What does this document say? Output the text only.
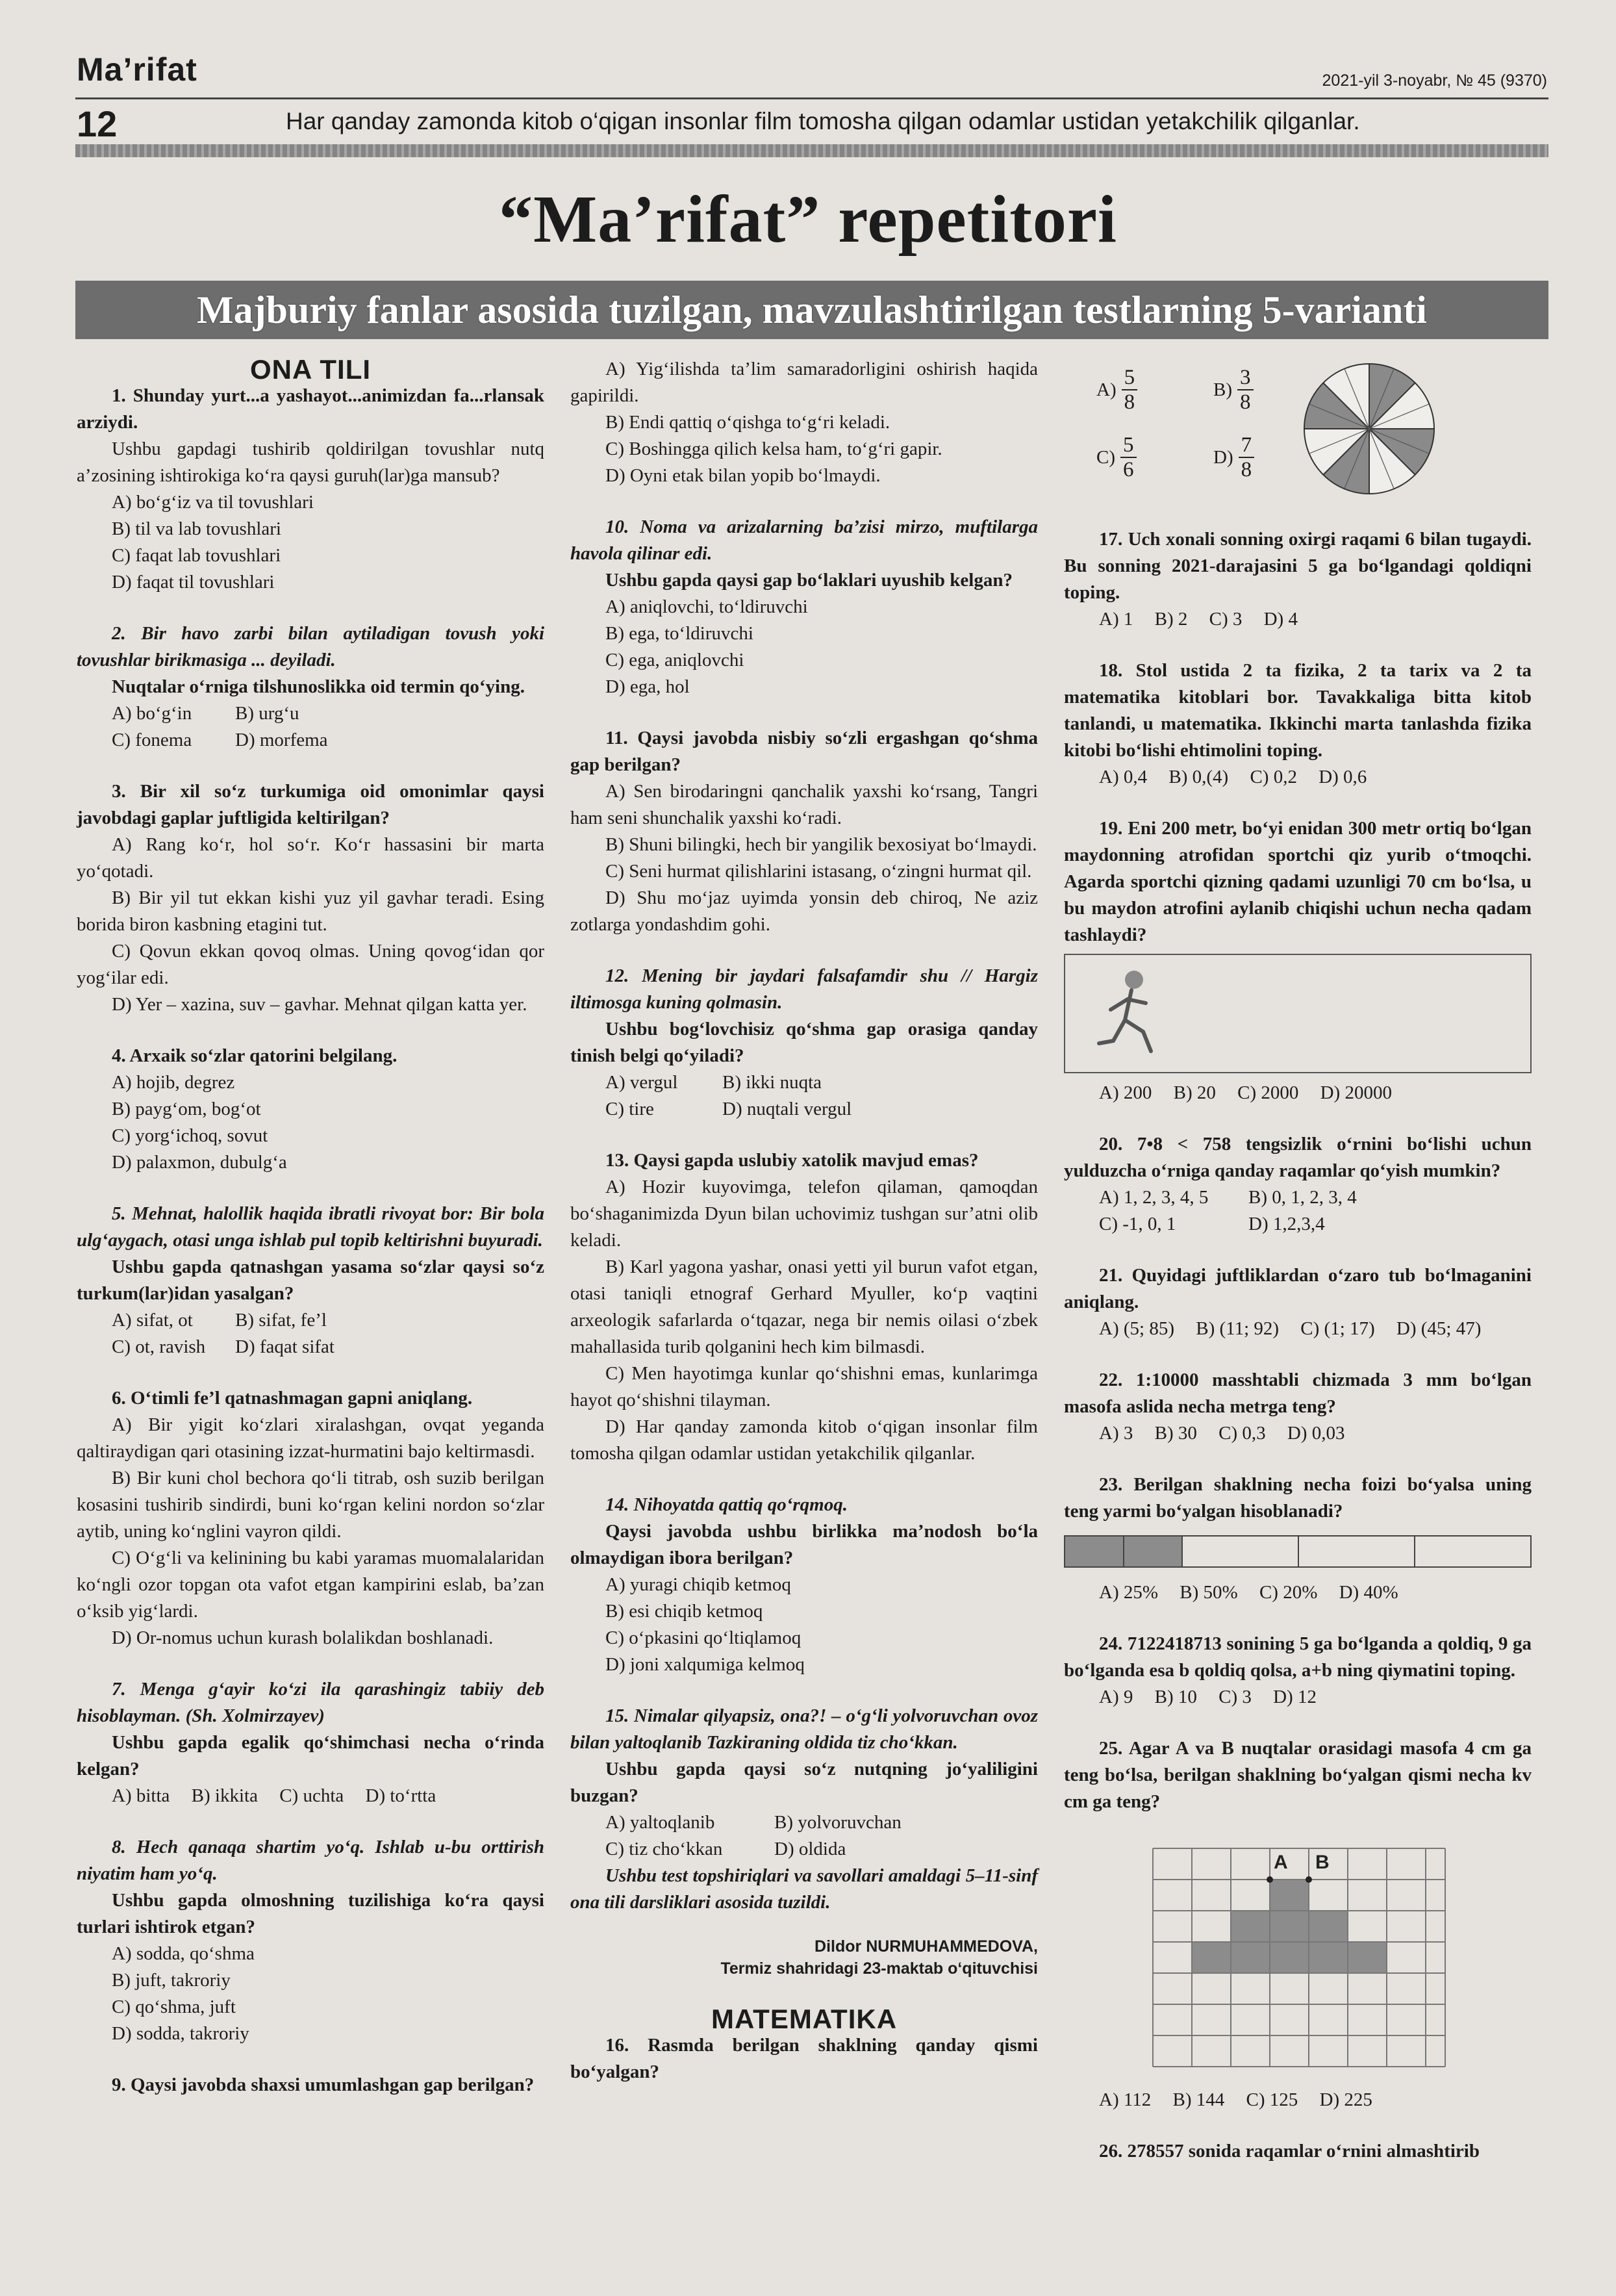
Ma’rifat	2021-yil 3-noyabr, № 45 (9370)
12	Har qanday zamonda kitob o‘qigan insonlar film tomosha qilgan odamlar ustidan yetakchilik qilganlar.
“Ma’rifat” repetitori
Majburiy fanlar asosida tuzilgan, mavzulashtirilgan testlarning 5-varianti

ONA TILI

1. Shunday yurt...a yashayot...animizdan fa...rlansak arziydi.

Ushbu gapdagi tushirib qoldirilgan tovushlar nutq a’zosining ishtirokiga ko‘ra qaysi guruh(lar)ga mansub?

A) bo‘g‘iz va til tovushlari

B) til va lab tovushlari

C) faqat lab tovushlari

D) faqat til tovushlari

2. Bir havo zarbi bilan aytiladigan tovush yoki tovushlar birikmasiga ... deyiladi.

Nuqtalar o‘rniga tilshunoslikka oid termin qo‘ying.

A) bo‘g‘in	B) urg‘u
C) fonema	D) morfema

3. Bir xil so‘z turkumiga oid omonimlar qaysi javobdagi gaplar juftligida keltirilgan?

A) Rang ko‘r, hol so‘r. Ko‘r hassasini bir marta yo‘qotadi.

B) Bir yil tut ekkan kishi yuz yil gavhar teradi. Esing borida biron kasbning etagini tut.

C) Qovun ekkan qovoq olmas. Uning qovog‘idan qor yog‘ilar edi.

D) Yer – xazina, suv – gavhar. Mehnat qilgan katta yer.

4. Arxaik so‘zlar qatorini belgilang.

A) hojib, degrez

B) payg‘om, bog‘ot

C) yorg‘ichoq, sovut

D) palaxmon, dubulg‘a

5. Mehnat, halollik haqida ibratli rivoyat bor: Bir bola ulg‘aygach, otasi unga ishlab pul topib keltirishni buyuradi.

Ushbu gapda qatnashgan yasama so‘zlar qaysi so‘z turkum(lar)idan yasalgan?

A) sifat, ot	B) sifat, fe’l
C) ot, ravish	D) faqat sifat

6. O‘timli fe’l qatnashmagan gapni aniqlang.

A) Bir yigit ko‘zlari xiralashgan, ovqat yeganda qaltiraydigan qari otasining izzat-hurmatini bajo keltirmasdi.

B) Bir kuni chol bechora qo‘li titrab, osh suzib berilgan kosasini tushirib sindirdi, buni ko‘rgan kelini nordon so‘zlar aytib, uning ko‘nglini vayron qildi.

C) O‘g‘li va kelinining bu kabi yaramas muomalalaridan ko‘ngli ozor topgan ota vafot etgan kampirini eslab, ba’zan o‘ksib yig‘lardi.

D) Or-nomus uchun kurash bolalikdan boshlanadi.

7. Menga g‘ayir ko‘zi ila qarashingiz tabiiy deb hisoblayman. (Sh. Xolmirzayev)

Ushbu gapda egalik qo‘shimchasi necha o‘rinda kelgan?

A) bitta B) ikkita C) uchta D) to‘rtta

8. Hech qanaqa shartim yo‘q. Ishlab u-bu orttirish niyatim ham yo‘q.

Ushbu gapda olmoshning tuzilishiga ko‘ra qaysi turlari ishtirok etgan?

A) sodda, qo‘shma

B) juft, takroriy

C) qo‘shma, juft

D) sodda, takroriy

9. Qaysi javobda shaxsi umumlashgan gap berilgan?

A) Yig‘ilishda ta’lim samaradorligini oshirish haqida gapirildi.

B) Endi qattiq o‘qishga to‘g‘ri keladi.

C) Boshingga qilich kelsa ham, to‘g‘ri gapir.

D) Oyni etak bilan yopib bo‘lmaydi.

10. Noma va arizalarning ba’zisi mirzo, muftilarga havola qilinar edi.

Ushbu gapda qaysi gap bo‘laklari uyushib kelgan?

A) aniqlovchi, to‘ldiruvchi

B) ega, to‘ldiruvchi

C) ega, aniqlovchi

D) ega, hol

11. Qaysi javobda nisbiy so‘zli ergashgan qo‘shma gap berilgan?

A) Sen birodaringni qanchalik yaxshi ko‘rsang, Tangri ham seni shunchalik yaxshi ko‘radi.

B) Shuni bilingki, hech bir yangilik bexosiyat bo‘lmaydi.

C) Seni hurmat qilishlarini istasang, o‘zingni hurmat qil.

D) Shu mo‘jaz uyimda yonsin deb chiroq, Ne aziz zotlarga yondashdim gohi.

12. Mening bir jaydari falsafamdir shu // Hargiz iltimosga kuning qolmasin.

Ushbu bog‘lovchisiz qo‘shma gap orasiga qanday tinish belgi qo‘yiladi?

A) vergul	B) ikki nuqta
C) tire	D) nuqtali vergul

13. Qaysi gapda uslubiy xatolik mavjud emas?

A) Hozir kuyovimga, telefon qilaman, qamoqdan bo‘shaganimizda Dyun bilan uchovimiz tushgan sur’atni olib keladi.

B) Karl yagona yashar, onasi yetti yil burun vafot etgan, otasi taniqli etnograf Gerhard Myuller, ko‘p vaqtini arxeologik safarlarda o‘tqazar, nega bir nemis oilasi o‘zbek mahallasida turib qolganini hech kim bilmasdi.

C) Men hayotimga kunlar qo‘shishni emas, kunlarimga hayot qo‘shishni tilayman.

D) Har qanday zamonda kitob o‘qigan insonlar film tomosha qilgan odamlar ustidan yetakchilik qilganlar.

14. Nihoyatda qattiq qo‘rqmoq.

Qaysi javobda ushbu birlikka ma’nodosh bo‘la olmaydigan ibora berilgan?

A) yuragi chiqib ketmoq

B) esi chiqib ketmoq

C) o‘pkasini qo‘ltiqlamoq

D) joni xalqumiga kelmoq

15. Nimalar qilyapsiz, ona?! – o‘g‘li yolvoruvchan ovoz bilan yaltoqlanib Tazkiraning oldida tiz cho‘kkan.

Ushbu gapda qaysi so‘z nutqning jo‘yaliligini buzgan?

A) yaltoqlanib	B) yolvoruvchan
C) tiz cho‘kkan	D) oldida

Ushbu test topshiriqlari va savollari amaldagi 5–11-sinf ona tili darsliklari asosida tuzildi.

Dildor NURMUHAMMEDOVA,
Termiz shahridagi 23-maktab o‘qituvchisi

MATEMATIKA

16. Rasmda berilgan shaklning qanday qismi bo‘yalgan?

$A) \frac{5}{8}$	$B) \frac{3}{8}$
$C) \frac{5}{6}$	$D) \frac{7}{8}$

17. Uch xonali sonning oxirgi raqami 6 bilan tugaydi. Bu sonning 2021-darajasini 5 ga bo‘lgandagi qoldiqni toping.

A) 1 B) 2 C) 3 D) 4

18. Stol ustida 2 ta fizika, 2 ta tarix va 2 ta matematika kitoblari bor. Tavakkaliga bitta kitob tanlandi, u matematika. Ikkinchi marta tanlashda fizika kitobi bo‘lishi ehtimolini toping.

A) 0,4 B) 0,(4) C) 0,2 D) 0,6

19. Eni 200 metr, bo‘yi enidan 300 metr ortiq bo‘lgan maydonning atrofidan sportchi qiz yurib o‘tmoqchi. Agarda sportchi qizning qadami uzunligi 70 cm bo‘lsa, u bu maydon atrofini aylanib chiqishi uchun necha qadam tashlaydi?

A) 200 B) 20 C) 2000 D) 20000

20. 7•8 < 758 tengsizlik o‘rnini bo‘lishi uchun yulduzcha o‘rniga qanday raqamlar qo‘yish mumkin?

A) 1, 2, 3, 4, 5	B) 0, 1, 2, 3, 4
C) -1, 0, 1	D) 1,2,3,4

21. Quyidagi juftliklardan o‘zaro tub bo‘lmaganini aniqlang.

A) (5; 85) B) (11; 92) C) (1; 17) D) (45; 47)

22. 1:10000 masshtabli chizmada 3 mm bo‘lgan masofa aslida necha metrga teng?

A) 3 B) 30 C) 0,3 D) 0,03

23. Berilgan shaklning necha foizi bo‘yalsa uning teng yarmi bo‘yalgan hisoblanadi?

A) 25% B) 50% C) 20% D) 40%

24. 7122418713 sonining 5 ga bo‘lganda a qoldiq, 9 ga bo‘lganda esa b qoldiq qolsa, a+b ning qiymatini toping.

A) 9 B) 10 C) 3 D) 12

25. Agar A va B nuqtalar orasidagi masofa 4 cm ga teng bo‘lsa, berilgan shaklning bo‘yalgan qismi necha kv cm ga teng?

A B

A) 112 B) 144 C) 125 D) 225

26. 278557 sonida raqamlar o‘rnini almashtirib
